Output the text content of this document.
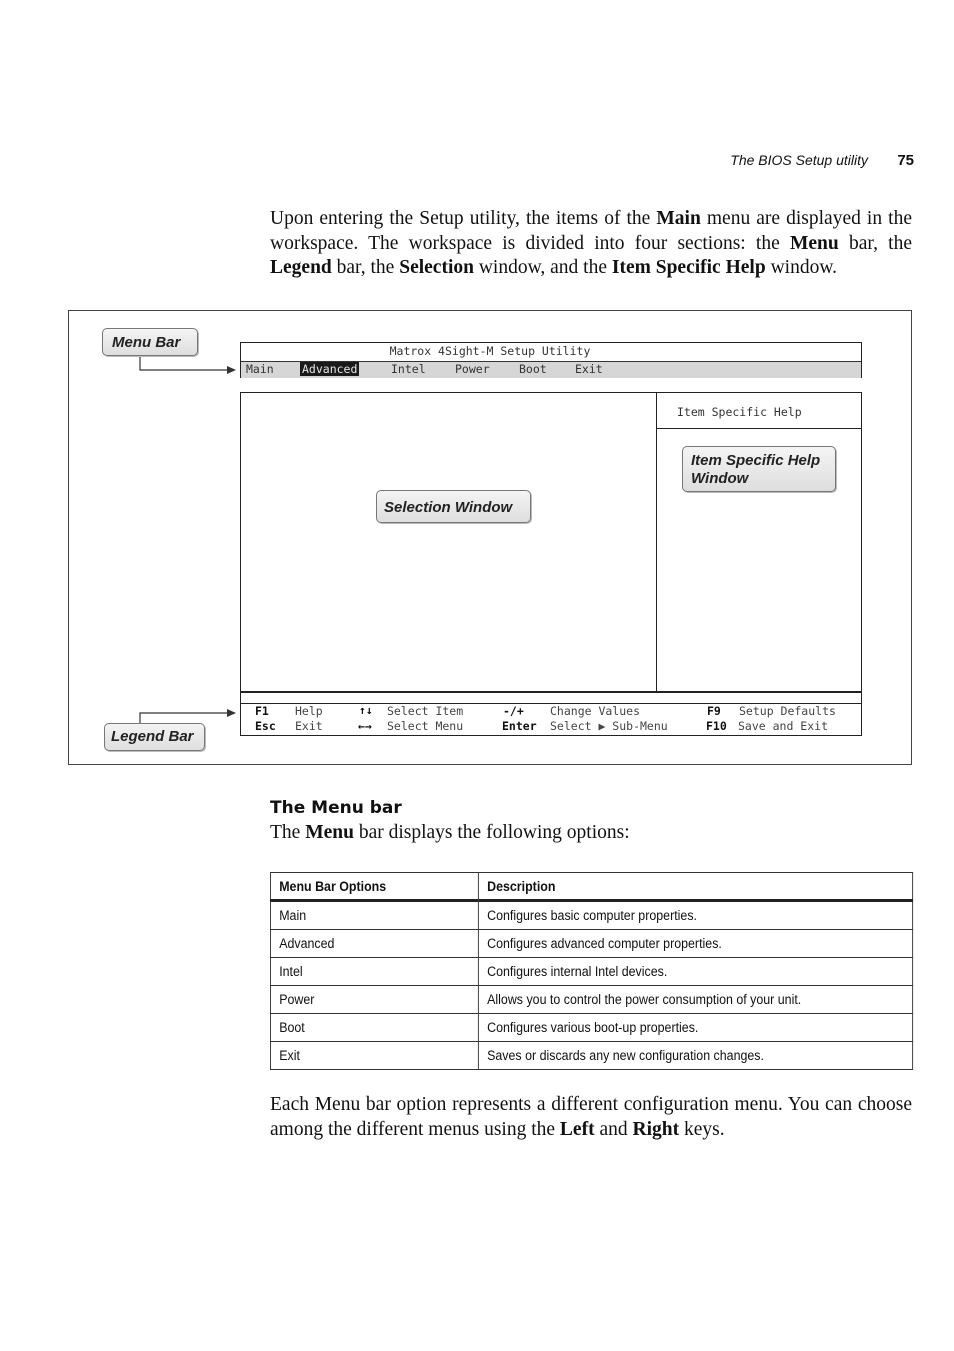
The BIOS Setup utility	75
Upon entering the Setup utility, the items of the Main menu are displayed in the workspace. The workspace is divided into four sections: the Menu bar, the Legend bar, the Selection window, and the Item Specific Help window.
Matrox 4Sight-M Setup Utility
Main Advanced	Intel	Power	Boot Exit
Item Specific Help
F1 Help	↑↓ Select Item	-/+ Change Values	F9 Setup Defaults
Esc Exit	←→ Select Menu	Enter Select ▶ Sub-Menu	F10 Save and Exit
Menu Bar
Legend Bar
Selection Window
Item Specific Help
Window
The Menu bar
The Menu bar displays the following options:
Menu Bar Options	Description
Main	Configures basic computer properties.
Advanced	Configures advanced computer properties.
Intel	Configures internal Intel devices.
Power	Allows you to control the power consumption of your unit.
Boot	Configures various boot-up properties.
Exit	Saves or discards any new configuration changes.
Each Menu bar option represents a different configuration menu. You can choose among the different menus using the Left and Right keys.
